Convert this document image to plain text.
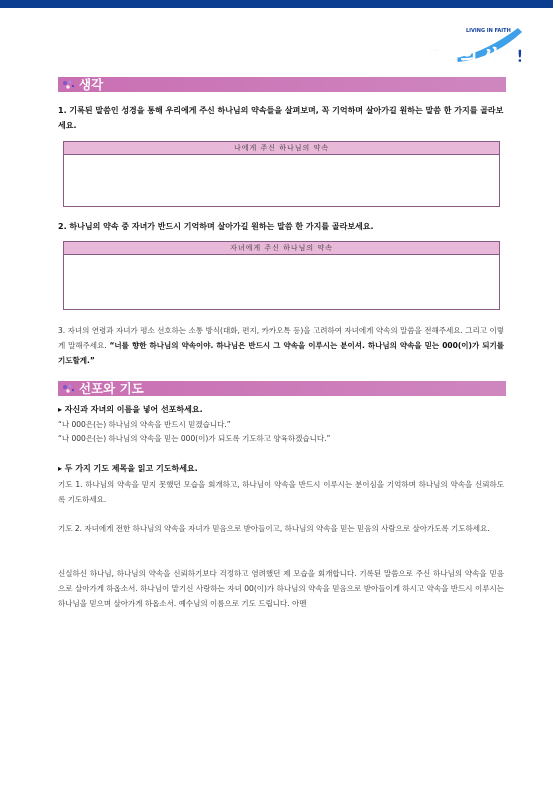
나는 LIVING IN FAITH
믿음의 사람!
생각
1. 기록된 말씀인 성경을 통해 우리에게 주신 하나님의 약속들을 살펴보며, 꼭 기억하며 살아가길 원하는 말씀 한 가지를 골라보세요.
나에게 주신 하나님의 약속
2. 하나님의 약속 중 자녀가 반드시 기억하며 살아가길 원하는 말씀 한 가지를 골라보세요.
자녀에게 주신 하나님의 약속
3. 자녀의 연령과 자녀가 평소 선호하는 소통 방식(대화, 편지, 카카오톡 등)을 고려하여 자녀에게 약속의 말씀을 전해주세요. 그리고 이렇게 말해주세요. “너를 향한 하나님의 약속이야. 하나님은 반드시 그 약속을 이루시는 분이셔. 하나님의 약속을 믿는 000(이)가 되기를 기도할게.”
선포와 기도
▸ 자신과 자녀의 이름을 넣어 선포하세요.
“나 000은(는) 하나님의 약속을 반드시 믿겠습니다.”
“나 000은(는) 하나님의 약속을 믿는 000(이)가 되도록 기도하고 양육하겠습니다.”
▸ 두 가지 기도 제목을 읽고 기도하세요.
기도 1. 하나님의 약속을 믿지 못했던 모습을 회개하고, 하나님이 약속을 반드시 이루시는 분이심을 기억하며 하나님의 약속을 신뢰하도록 기도하세요.
기도 2. 자녀에게 전한 하나님의 약속을 자녀가 믿음으로 받아들이고, 하나님의 약속을 믿는 믿음의 사람으로 살아가도록 기도하세요.
신실하신 하나님, 하나님의 약속을 신뢰하기보다 걱정하고 염려했던 제 모습을 회개합니다. 기록된 말씀으로 주신 하나님의 약속을 믿음으로 살아가게 하옵소서. 하나님이 맡기신 사랑하는 자녀 00(이)가 하나님의 약속을 믿음으로 받아들이게 하시고 약속을 반드시 이루시는 하나님을 믿으며 살아가게 하옵소서. 예수님의 이름으로 기도 드립니다. 아멘
